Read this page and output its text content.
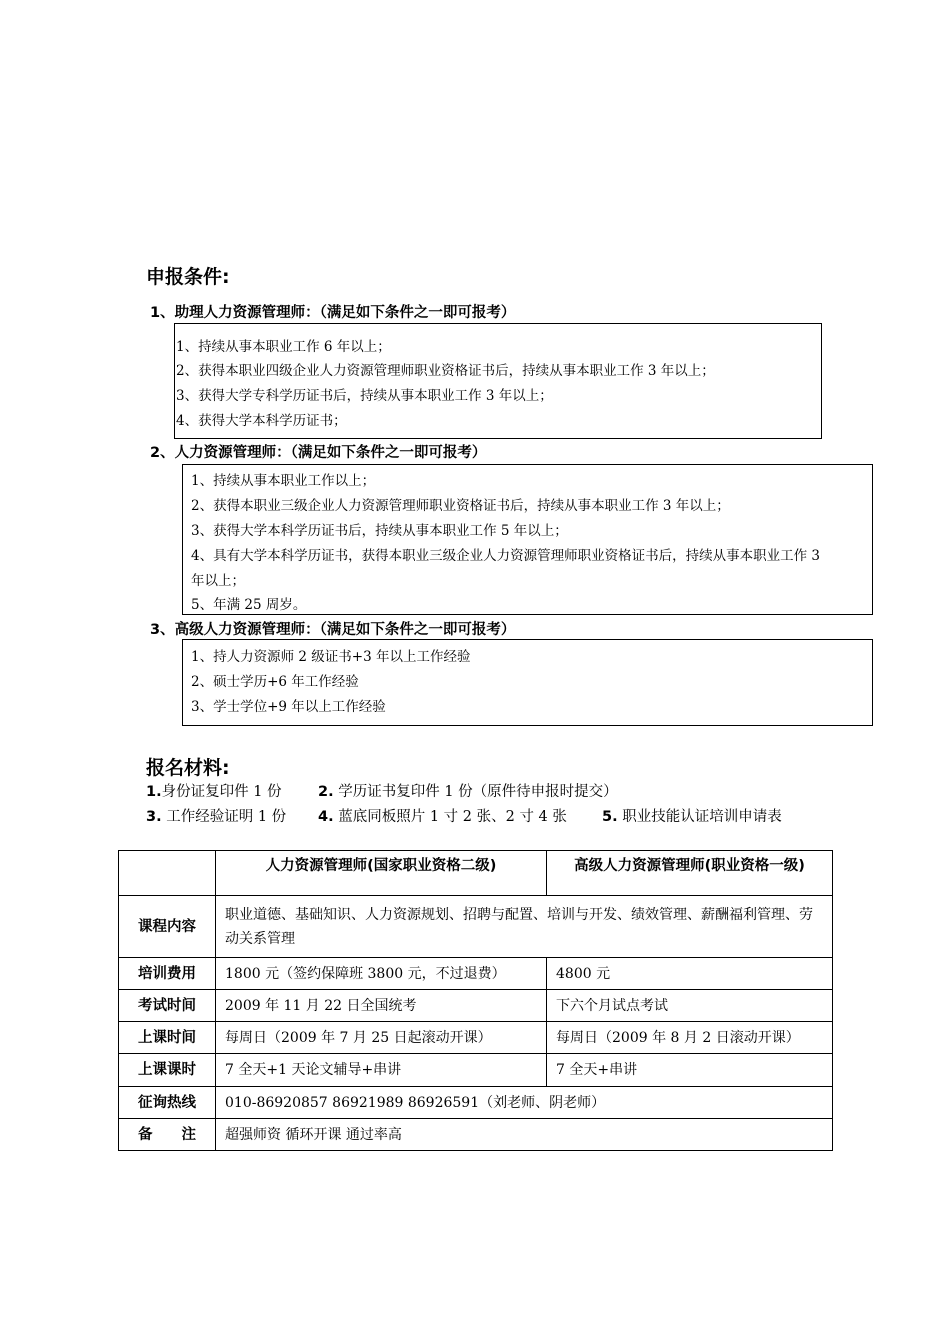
申报条件:
1、助理人力资源管理师：（满足如下条件之一即可报考）
1、持续从事本职业工作 6 年以上；
2、获得本职业四级企业人力资源管理师职业资格证书后，持续从事本职业工作 3 年以上；
3、获得大学专科学历证书后，持续从事本职业工作 3 年以上；
4、获得大学本科学历证书；
2、人力资源管理师：（满足如下条件之一即可报考）
1、持续从事本职业工作以上；
2、获得本职业三级企业人力资源管理师职业资格证书后，持续从事本职业工作 3 年以上；
3、获得大学本科学历证书后，持续从事本职业工作 5 年以上；
4、具有大学本科学历证书，获得本职业三级企业人力资源管理师职业资格证书后，持续从事本职业工作 3
年以上；
5、年满 25 周岁。
3、高级人力资源管理师：（满足如下条件之一即可报考）
1、持人力资源师 2 级证书+3 年以上工作经验
2、硕士学历+6 年工作经验
3、学士学位+9 年以上工作经验
报名材料:
1.身份证复印件 1 份	2. 学历证书复印件 1 份（原件待申报时提交）
3. 工作经验证明 1 份 4. 蓝底同板照片 1 寸 2 张、2 寸 4 张 5. 职业技能认证培训申请表
	人力资源管理师(国家职业资格二级)	高级人力资源管理师(职业资格一级)
课程内容	职业道德、基础知识、人力资源规划、招聘与配置、培训与开发、绩效管理、薪酬福利管理、劳动关系管理	
培训费用	1800 元（签约保障班 3800 元，不过退费）	4800 元
考试时间	2009 年 11 月 22 日全国统考	下六个月试点考试
上课时间	每周日（2009 年 7 月 25 日起滚动开课）	每周日（2009 年 8 月 2 日滚动开课）
上课课时	7 全天+1 天论文辅导+串讲	7 全天+串讲
征询热线	010-86920857 86921989 86926591（刘老师、阴老师）	
备　　注	超强师资 循环开课 通过率高	
